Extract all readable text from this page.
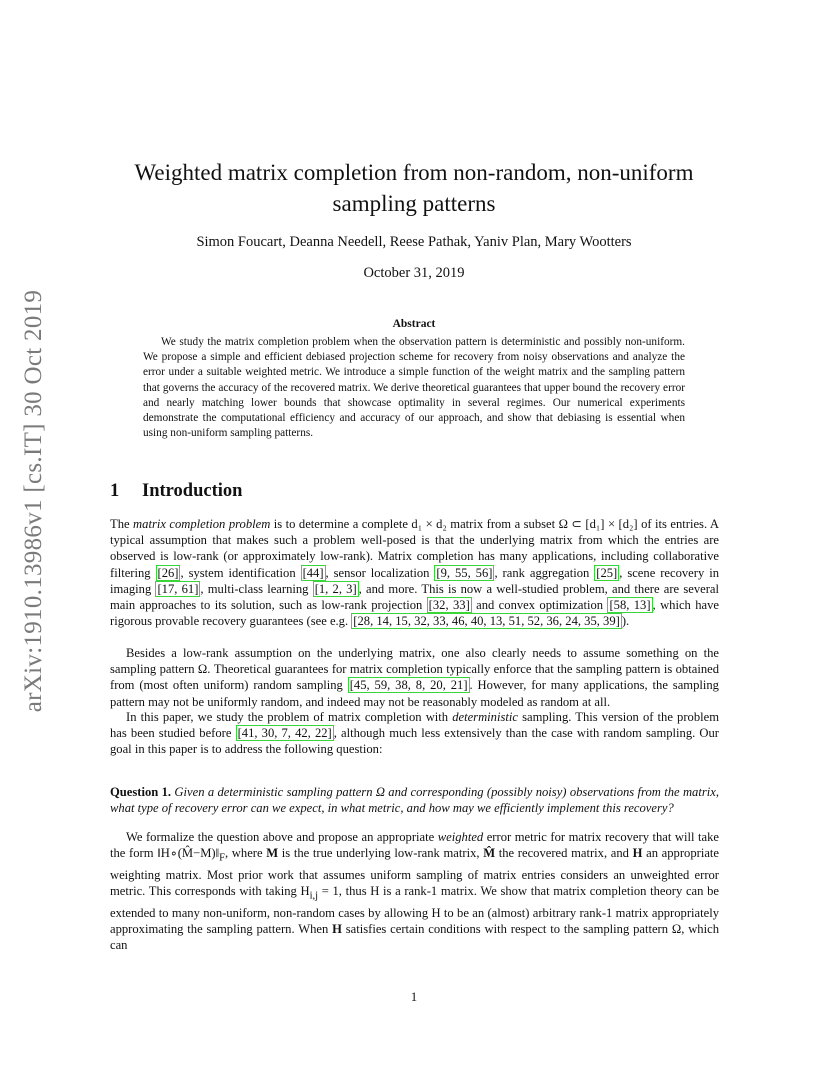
arXiv:1910.13986v1 [cs.IT] 30 Oct 2019
Weighted matrix completion from non-random, non-uniform
sampling patterns
Simon Foucart, Deanna Needell, Reese Pathak, Yaniv Plan, Mary Wootters
October 31, 2019
Abstract

We study the matrix completion problem when the observation pattern is deterministic and possibly non-uniform. We propose a simple and efficient debiased projection scheme for recovery from noisy observations and analyze the error under a suitable weighted metric. We introduce a simple function of the weight matrix and the sampling pattern that governs the accuracy of the recovered matrix. We derive theoretical guarantees that upper bound the recovery error and nearly matching lower bounds that showcase optimality in several regimes. Our numerical experiments demonstrate the computational efficiency and accuracy of our approach, and show that debiasing is essential when using non-uniform sampling patterns.

1 Introduction

The matrix completion problem is to determine a complete d₁ × d₂ matrix from a subset Ω ⊂ [d₁] × [d₂] of its entries. A typical assumption that makes such a problem well-posed is that the underlying matrix from which the entries are observed is low-rank (or approximately low-rank). Matrix completion has many applications, including collaborative filtering [26] , system identification [44] , sensor localization [9, 55, 56] , rank aggregation [25] , scene recovery in imaging [17, 61] , multi-class learning [1, 2, 3] , and more. This is now a well-studied problem, and there are several main approaches to its solution, such as low-rank projection [32, 33] and convex optimization [58, 13] , which have rigorous provable recovery guarantees (see e.g. [28, 14, 15, 32, 33, 46, 40, 13, 51, 52, 36, 24, 35, 39] ).

Besides a low-rank assumption on the underlying matrix, one also clearly needs to assume something on the sampling pattern Ω. Theoretical guarantees for matrix completion typically enforce that the sampling pattern is obtained from (most often uniform) random sampling [45, 59, 38, 8, 20, 21] . However, for many applications, the sampling pattern may not be uniformly random, and indeed may not be reasonably modeled as random at all.

In this paper, we study the problem of matrix completion with deterministic sampling. This version of the problem has been studied before [41, 30, 7, 42, 22] , although much less extensively than the case with random sampling. Our goal in this paper is to address the following question:

Question 1. Given a deterministic sampling pattern Ω and corresponding (possibly noisy) observations from the matrix, what type of recovery error can we expect, in what metric, and how may we efficiently implement this recovery?

We formalize the question above and propose an appropriate weighted error metric for matrix recovery that will take the form $‖H\circ(M̂-M)‖_F$, where M is the true underlying low-rank matrix, M̂ the recovered matrix, and H an appropriate weighting matrix. Most prior work that assumes uniform sampling of matrix entries considers an unweighted error metric. This corresponds with taking $H_{i,j} = 1$, thus H is a rank-1 matrix. We show that matrix completion theory can be extended to many non-uniform, non-random cases by allowing H to be an (almost) arbitrary rank-1 matrix appropriately approximating the sampling pattern. When H satisfies certain conditions with respect to the sampling pattern Ω, which can

1
